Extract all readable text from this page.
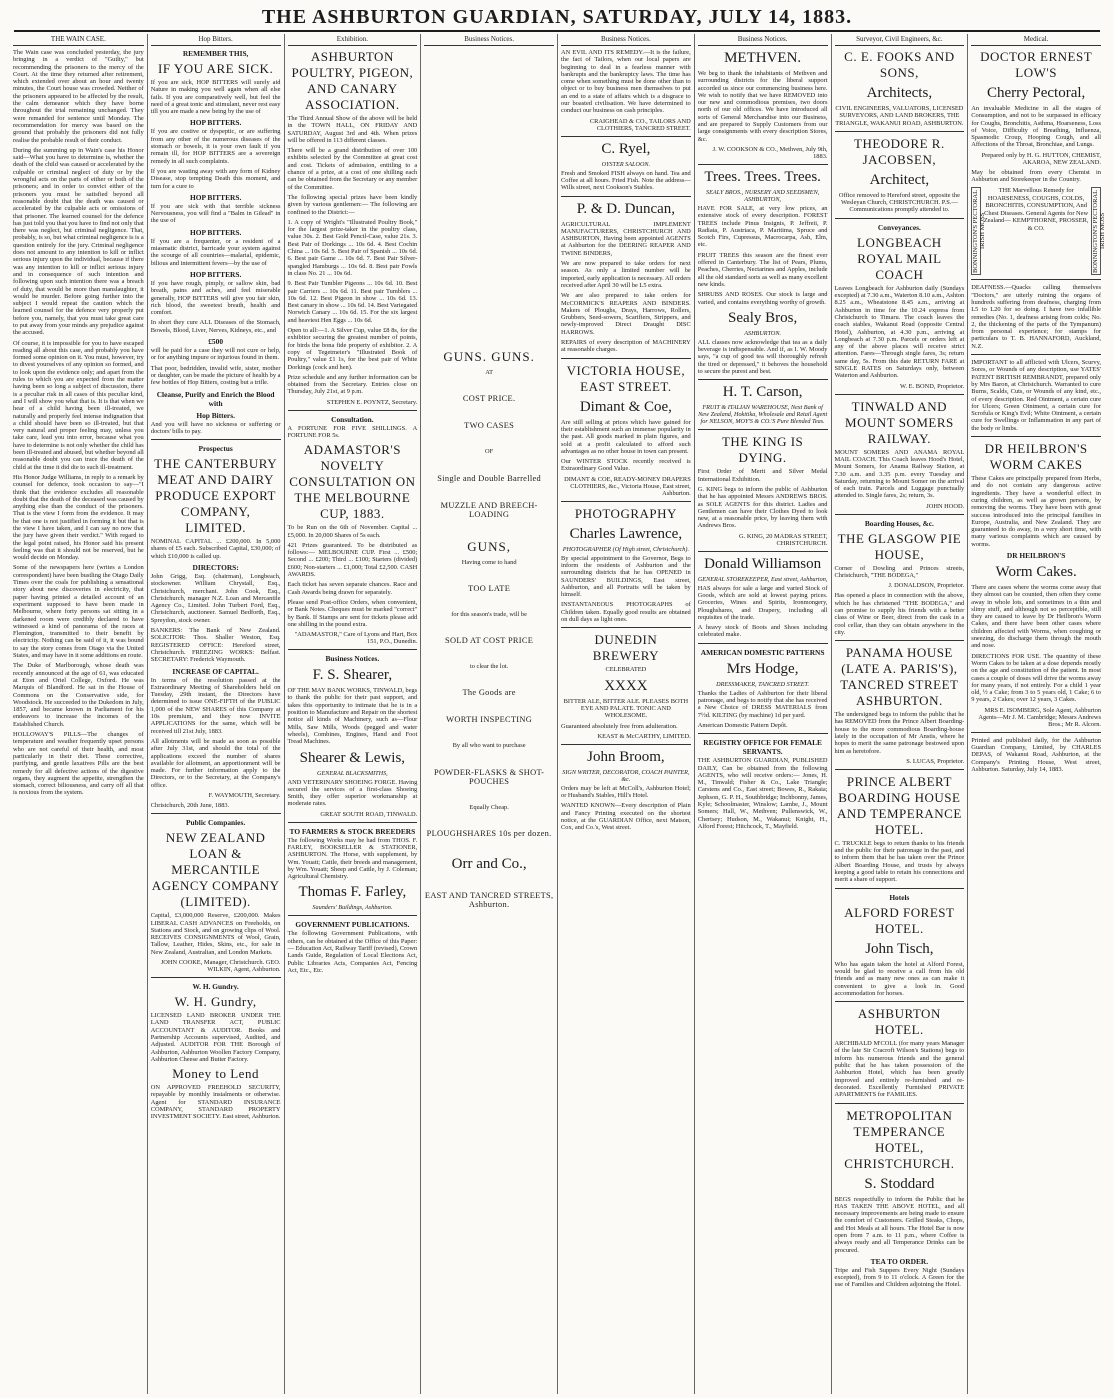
THE ASHBURTON GUARDIAN, SATURDAY, JULY 14, 1883.
THE WAIN CASE.
The Wain case was concluded yesterday, the jury bringing in a verdict of "Guilty," but recommending the prisoners to the mercy of the Court. At the time they returned after retirement, which extended over about an hour and twenty minutes, the Court house was crowded. Neither of the prisoners appeared to be affected by the result, the calm demeanor which they have borne throughout the trial remaining unchanged. They were remanded for sentence until Monday. The recommendation for mercy was based on the ground that probably the prisoners did not fully realise the probable result of their conduct.
During the summing up in Wain's case his Honor said—What you have to determine is, whether the death of the child was caused or accelerated by the culpable or criminal neglect of duty or by the wrongful acts on the parts of either or both of the prisoners; and in order to convict either of the prisoners you must be satisfied beyond all reasonable doubt that the death was caused or accelerated by the culpable acts or omissions of that prisoner. The learned counsel for the defence has just told you that you have to find not only that there was neglect, but criminal negligence. That, probably, is so, but what criminal negligence is is a question entirely for the jury. Criminal negligence does not amount to any intention to kill or inflict serious injury upon the individual, because if there was any intention to kill or inflict serious injury and in consequence of such intention and following upon such intention there was a breach of duty, that would be more than manslaughter, it would be murder. Before going further into the subject I would repeat the caution which the learned counsel for the defence very properly put before you, namely, that you must take great care to put away from your minds any prejudice against the accused.
Of course, it is impossible for you to have escaped reading all about this case, and probably you have formed some opinion on it. You must, however, try to divest yourselves of any opinion so formed, and to look upon the evidence only; and apart from the rules to which you are expected from the matter having been so long a subject of discussion, there is a peculiar risk in all cases of this peculiar kind, and I will show you what that is. It is that when we hear of a child having been ill-treated, we naturally and properly feel intense indignation that a child should have been so ill-treated, but that very natural and proper feeling may, unless you take care, lead you into error, because what you have to determine is not only whether the child has been ill-treated and abused, but whether beyond all reasonable doubt you can trace the death of the child at the time it did die to such ill-treatment.
His Honor Judge Williams, in reply to a remark by counsel for defence, took occasion to say—"I think that the evidence excludes all reasonable doubt that the death of the deceased was caused by anything else than the conduct of the prisoners. That is the view I form from the evidence. It may be that one is not justified in forming it but that is the view I have taken, and I can say no now that the jury have given their verdict." With regard to the legal point raised, his Honor said his present feeling was that it should not be reserved, but he would decide on Monday.
Some of the newspapers here (writes a London correspondent) have been bustling the Otago Daily Times over the coals for publishing a sensational story about new discoveries in electricity, that paper having printed a detailed account of an experiment supposed to have been made in Melbourne, where forty persons sat sitting in a darkened room were credibly declared to have witnessed a kind of panorama of the races at Flemington, transmitted to their benefit by electricity. Nothing can be said of it, it was bound to say the story comes from Otago via the United States, and may have in it some additions en route.
The Duke of Marlborough, whose death was recently announced at the age of 61, was educated at Eton and Oriel College, Oxford. He was Marquis of Blandford. He sat in the House of Commons on the Conservative side, for Woodstock. He succeeded to the Dukedom in July, 1857, and became known in Parliament for his endeavors to increase the incomes of the Established Church.
HOLLOWAY'S PILLS—The changes of temperature and weather frequently upset persons who are not careful of their health, and most particularly in their diet. These corrective, purifying, and gentle laxatives Pills are the best remedy for all defective actions of the digestive organs, they augment the appetite, strengthen the stomach, correct biliousness, and carry off all that is noxious from the system.
Hop Bitters.
REMEMBER THIS,
IF YOU ARE SICK.
If you are sick, HOP BITTERS will surely aid Nature in making you well again when all else fails. If you are comparatively well, but feel the need of a great tonic and stimulant, never rest easy till you are made a new being by the use of
HOP BITTERS.
If you are costive or dyspeptic, or are suffering from any other of the numerous diseases of the stomach or bowels, it is your own fault if you remain ill, for HOP BITTERS are a sovereign remedy in all such complaints.
If you are wasting away with any form of Kidney Disease, stop tempting Death this moment, and turn for a cure to
HOP BITTERS.
If you are sick with that terrible sickness Nervousness, you will find a "Balm in Gilead" in the use of
HOP BITTERS.
If you are a frequenter, or a resident of a miasmatic district, barricade your system against the scourge of all countries—malarial, epidemic, bilious and intermittent fevers—by the use of
HOP BITTERS.
If you have rough, pimply, or sallow skin, bad breath, pains and aches, and feel miserable generally, HOP BITTERS will give you fair skin, rich blood, the sweetest breath, health and comfort.
In short they cure ALL Diseases of the Stomach, Bowels, Blood, Liver, Nerves, Kidneys, etc., and
£500
will be paid for a case they will not cure or help, or for anything impure or injurious found in them.
That poor, bedridden, invalid wife, sister, mother or daughter, can be made the picture of health by a few bottles of Hop Bitters, costing but a trifle.
Cleanse, Purify and Enrich the Blood with
Hop Bitters.
And you will have no sickness or suffering or doctors' bills to pay.
Prospectus
THE CANTERBURY MEAT AND DAIRY PRODUCE EXPORT COMPANY, LIMITED.
NOMINAL CAPITAL ... £200,000. In 5,000 shares of £5 each. Subscribed Capital, £30,000; of which £10,000 is called up.
DIRECTORS:
John Grigg, Esq. (chairman), Longbeach, stockowner. William Chrystall, Esq., Christchurch, merchant. John Cook, Esq., Christchurch, manager N.Z. Loan and Mercantile Agency Co., Limited. John Turbert Ford, Esq., Christchurch, auctioneer. Samuel Bedforth, Esq., Spreydon, stock owner.
BANKERS: The Bank of New Zealand. SOLICITOR: Thos. Shaller Weston, Esq. REGISTERED OFFICE: Hereford street, Christchurch. FREEZING WORKS: Belfast. SECRETARY: Frederick Waymouth.
INCREASE OF CAPITAL.
In terms of the resolution passed at the Extraordinary Meeting of Shareholders held on Tuesday, 29th instant, the Directors have determined to issue ONE-FIFTH of the PUBLIC 1,000 of the NEW SHARES of this Company at 10s premium, and they now INVITE APPLICATIONS for the same, which will be received till 21st July, 1883.
All allotments will be made as soon as possible after July 31st, and should the total of the applications exceed the number of shares available for allotment, an apportionment will be made. For further information apply to the Directors, or to the Secretary, at the Company's office.
F. WAYMOUTH, Secretary.
Christchurch, 20th June, 1883.
Public Companies.
NEW ZEALAND LOAN & MERCANTILE AGENCY COMPANY (LIMITED).
Capital, £3,000,000 Reserve, £200,000. Makes LIBERAL CASH ADVANCES on Freeholds, on Stations and Stock, and on growing clips of Wool. RECEIVES CONSIGNMENTS of Wool, Grain, Tallow, Leather, Hides, Skins, etc., for sale in New Zealand, Australian, and London Markets.
JOHN COOKE, Manager, Christchurch. GEO. WILKIN, Agent, Ashburton.
W. H. Gundry.
W. H. Gundry,
LICENSED LAND BROKER UNDER THE LAND TRANSFER ACT, PUBLIC ACCOUNTANT & AUDITOR. Books and Partnership Accounts supervised, Audited, and Adjusted. AUDITOR FOR THE Borough of Ashburton, Ashburton Woollen Factory Company, Ashburton Cheese and Butter Factory.
Money to Lend
ON APPROVED FREEHOLD SECURITY, repayable by monthly instalments or otherwise. Agent for STANDARD INSURANCE COMPANY, STANDARD PROPERTY INVESTMENT SOCIETY. East street, Ashburton.
Exhibition.
ASHBURTON POULTRY, PIGEON, AND CANARY ASSOCIATION.
The Third Annual Show of the above will be held in the TOWN HALL, ON FRIDAY AND SATURDAY, August 3rd and 4th. When prizes will be offered in 113 different classes.
There will be a grand distribution of over 100 exhibits selected by the Committee at great cost and cost. Tickets of admission, entitling to a chance of a prize, at a cost of one shilling each can be obtained from the Secretary or any member of the Committee.
The following special prizes have been kindly given by various gentlemen:— The following are confined to the District:—
1. A copy of Wright's "Illustrated Poultry Book," for the largest prize-taker in the poultry class, value 30s. 2. Best Gold Pencil-Case, value 21s. 3. Best Pair of Dorkings ... 10s 6d. 4. Best Cochin China ... 10s 6d. 5. Best Pair of Spanish ... 10s 6d. 6. Best pair Game ... 10s 6d. 7. Best Pair Silver-spangled Hamburgs ... 10s 6d. 8. Best pair Fowls in class No. 21 ... 10s 6d.
9. Best Pair Tumbler Pigeons ... 10s 6d. 10. Best pair Carriers ... 10s 6d. 11. Best pair Tumblers ... 10s 6d. 12. Best Pigeon in show ... 10s 6d. 13. Best canary in show ... 10s 6d. 14. Best Variegated Norwich Canary ... 10s 6d. 15. For the six largest and heaviest Hen Eggs ... 10s 6d.
Open to all:—1. A Silver Cup, value £8 8s, for the exhibitor securing the greatest number of points, for birds the bona fide property of exhibitor. 2. A copy of Tegetmeier's "Illustrated Book of Poultry," value £1 1s, for the best pair of White Dorkings (cock and hen).
Prize schedule and any further information can be obtained from the Secretary. Entries close on Thursday, July 21st, at 9 p.m.
STEPHEN E. POYNTZ, Secretary.
Consultation.
A FORTUNE FOR FIVE SHILLINGS. A FORTUNE FOR 5s.
ADAMASTOR'S NOVELTY CONSULTATION ON THE MELBOURNE CUP, 1883.
To be Run on the 6th of November. Capital ... £5,000. In 20,000 Shares of 5s each.
421 Prizes guaranteed. To be distributed as follows:— MELBOURNE CUP. First ... £500; Second ... £200; Third ... £100; Starters (divided) £600; Non-starters ... £1,000; Total £2,500. CASH AWARDS.
Each ticket has seven separate chances. Race and Cash Awards being drawn for separately.
Please send Post-office Orders, when convenient, or Bank Notes. Cheques must be marked "correct" by Bank. If Stamps are sent for tickets please add one shilling in the pound extra.
"ADAMASTOR," Care of Lyons and Hart, Box 151, P.O., Dunedin.
Business Notices.
F. S. Shearer,
OF THE MAY BANK WORKS, TINWALD, begs to thank the public for their past support, and takes this opportunity to intimate that he is in a position to Manufacture and Repair on the shortest notice all kinds of Machinery, such as—Flour Mills, Saw Mills, Woods (pegged and water wheels), Combines, Engines, Hand and Foot Tread Machines.
Shearer & Lewis,
GENERAL BLACKSMITHS,
AND VETERINARY SHOEING FORGE. Having secured the services of a first-class Shoeing Smith, they offer superior workmanship at moderate rates.
GREAT SOUTH ROAD, TINWALD.
TO FARMERS & STOCK BREEDERS
The following Works may be had from THOS. F. FARLEY, BOOKSELLER & STATIONER, ASHBURTON. The Horse, with supplement, by Wm. Youatt; Cattle, their breeds and management, by Wm. Youatt; Sheep and Cattle, by J. Coleman; Agricultural Chemistry.
Thomas F. Farley,
Saunders' Buildings, Ashburton.
GOVERNMENT PUBLICATIONS.
The following Government Publications, with others, can be obtained at the Office of this Paper:— Education Act, Railway Tariff (revised), Crown Lands Guide, Regulation of Local Elections Act, Public Libraries Acts, Companies Act, Fencing Act, Etc., Etc.
Business Notices.
GUNS. GUNS.
AT
COST PRICE.
TWO CASES
OF
Single and Double Barrelled
MUZZLE AND BREECH-LOADING
GUNS,
Having come to hand
TOO LATE
for this season's trade, will be
SOLD AT COST PRICE
to clear the lot.
The Goods are
WORTH INSPECTING
By all who want to purchase
POWDER-FLASKS & SHOT-POUCHES
Equally Cheap.
PLOUGHSHARES 10s per dozen.
Orr and Co.,
EAST AND TANCRED STREETS, Ashburton.
Business Notices.
AN EVIL AND ITS REMEDY.—It is the failure, the fact of Tailors, when our local papers are beginning to deal in a fearless manner with bankrupts and the bankruptcy laws. The time has come when something must be done other than to object or to buy business men themselves to put an end to a state of affairs which is a disgrace to our boasted civilisation. We have determined to conduct our business on cash principles.
CRAIGHEAD & CO., TAILORS AND CLOTHIERS, TANCRED STREET.
C. Ryel,
OYSTER SALOON.
Fresh and Smoked FISH always on hand. Tea and Coffee at all hours. Fried Fish. Note the address—Wills street, next Cookson's Stables.
P. & D. Duncan,
AGRICULTURAL IMPLEMENT MANUFACTURERS, CHRISTCHURCH AND ASHBURTON, Having been appointed AGENTS at Ashburton for the DEERING REAPER AND TWINE BINDERS,
We are now prepared to take orders for next season. As only a limited number will be imported, early application is necessary. All orders received after April 30 will be L5 extra.
We are also prepared to take orders for McCORMICK'S REAPERS AND BINDERS. Makers of Ploughs, Drays, Harrows, Rollers, Grubbers, Seed-sowers, Scarifiers, Strippers, and newly-improved Direct Draught DISC HARROWS.
REPAIRS of every description of MACHINERY at reasonable charges.
VICTORIA HOUSE, EAST STREET.
Dimant & Coe,
Are still selling at prices which have gained for their establishment such an immense popularity in the past. All goods marked in plain figures, and sold at a profit calculated to afford such advantages as no other house in town can present.
Our WINTER STOCK recently received is Extraordinary Good Value.
DIMANT & COE, READY-MONEY DRAPERS CLOTHIERS, &c., Victoria House, East street, Ashburton.
PHOTOGRAPHY
Charles Lawrence,
PHOTOGRAPHER (Of High street, Christchurch).
By special appointment to the Governor, Begs to inform the residents of Ashburton and the surrounding districts that he has OPENED in SAUNDERS' BUILDINGS, East street, Ashburton, and all Portraits will be taken by himself.
INSTANTANEOUS PHOTOGRAPHS of Children taken. Equally good results are obtained on dull days as light ones.
DUNEDIN BREWERY
CELEBRATED
XXXX
BITTER ALE, BITTER ALE. PLEASES BOTH EYE AND PALATE. TONIC AND WHOLESOME.
Guaranteed absolutely free from adulteration.
KEAST & McCARTHY, LIMITED.
John Broom,
SIGN WRITER, DECORATOR, COACH PAINTER, &c.
Orders may be left at McColl's, Ashburton Hotel; or Husband's Stables, Hill's Hotel.
WANTED KNOWN—Every description of Plain and Fancy Printing executed on the shortest notice, at the GUARDIAN Office, next Matson, Cox, and Co.'s, West street.
Business Notices.
METHVEN.
We beg to thank the inhabitants of Methven and surrounding districts for the liberal support accorded us since our commencing business here. We wish to notify that we have REMOVED into our new and commodious premises, two doors north of our old offices. We have introduced all sorts of General Merchandise into our Business, and are prepared to Supply Customers from our large consignments with every description Stores, &c.
J. W. COOKSON & CO., Methven, July 9th, 1883.
Trees. Trees. Trees.
SEALY BROS., NURSERY AND SEEDSMEN, ASHBURTON,
HAVE FOR SALE, at very low prices, an extensive stock of every description. FOREST TREES include Pinus Insignis, P. Jeffreii, P. Radiata, P. Austriaca, P. Maritima, Spruce and Scotch Firs, Cupressus, Macrocarpa, Ash, Elm, etc.
FRUIT TREES this season are the finest ever offered in Canterbury. The list of Pears, Plums, Peaches, Cherries, Nectarines and Apples, include all the old standard sorts as well as many excellent new kinds.
SHRUBS AND ROSES. Our stock is large and varied, and contains everything worthy of growth.
Sealy Bros,
ASHBURTON.
ALL classes now acknowledge that tea as a daily beverage is indispensable. And if, as I. W. Moody says, "a cup of good tea will thoroughly refresh the tired or depressed," it behoves the household to secure the purest and best.
H. T. Carson,
FRUIT & ITALIAN WAREHOUSE, Next Bank of New Zealand, Hokitika, Wholesale and Retail Agent for NELSON, MOY'S & CO.'S Pure Blended Teas.
THE KING IS DYING.
First Order of Merit and Silver Medal International Exhibition.
G. KING begs to inform the public of Ashburton that he has appointed Messrs ANDREWS BROS. as SOLE AGENTS for this district. Ladies and Gentlemen can have their Clothes Dyed to look new, at a reasonable price, by leaving them with Andrews Bros.
G. KING, 20 MADRAS STREET, CHRISTCHURCH.
Donald Williamson
GENERAL STOREKEEPER, East street, Ashburton,
HAS always for sale a large and varied Stock of Goods, which are sold at lowest paying prices. Groceries, Wines and Spirits, Ironmongery, Ploughshares, and Drapery, including all requisites of the trade.
A heavy stock of Boots and Shoes including celebrated make.
AMERICAN DOMESTIC PATTERNS
Mrs Hodge,
DRESSMAKER, TANCRED STREET.
Thanks the Ladies of Ashburton for their liberal patronage, and begs to notify that she has received a New Choice of DRESS MATERIALS from 7½d. KILTING (by machine) 1d per yard.
American Domestic Pattern Depôt.
REGISTRY OFFICE FOR FEMALE SERVANTS.
THE ASHBURTON GUARDIAN, PUBLISHED DAILY, Can be obtained from the following AGENTS, who will receive orders:— Jones, H. M., Tinwald; Fisher & Co., Lake Triangle; Carstens and Co., East street; Bowes, R., Rakaia; Jephson, G. P. H., Southbridge; Inchbonny, James, Kyle; Schoolmaster, Winslow; Lambe, J., Mount Somers; Hall, W., Methven; Pullenswick, W., Chertsey; Hudson, M., Wakanui; Knight, H., Alford Forest; Hitchcock, T., Mayfield.
Surveyor, Civil Engineers, &c.
C. E. FOOKS AND SONS,
Architects,
CIVIL ENGINEERS, VALUATORS, LICENSED SURVEYORS, AND LAND BROKERS, THE TRIANGLE, WAKANUI ROAD, ASHBURTON.
THEODORE R. JACOBSEN,
Architect,
Office removed to Hereford street, opposite the Wesleyan Church, CHRISTCHURCH. P.S.—Communications promptly attended to.
Conveyances.
LONGBEACH ROYAL MAIL COACH
Leaves Longbeach for Ashburton daily (Sundays excepted) at 7.30 a.m., Waterton 8.10 a.m., Ashton 8.25 a.m., Wheatstone 8.45 a.m., arriving at Ashburton in time for the 10.24 express from Christchurch to Timaru. The coach leaves the coach stables, Wakanui Road (opposite Central Hotel), Ashburton, at 4.30 p.m., arriving at Longbeach at 7.30 p.m. Parcels or orders left at any of the above places will receive strict attention. Fares—Through single fares, 3s; return same day, 5s. From this date RETURN FARE at SINGLE RATES on Saturdays only, between Waterton and Ashburton.
W. E. BOND, Proprietor.
TINWALD AND MOUNT SOMERS RAILWAY.
MOUNT SOMERS AND ANAMA ROYAL MAIL COACH. This Coach leaves Hood's Hotel, Mount Somers, for Anama Railway Station, at 7.30 a.m. and 3.35 p.m. every Tuesday and Saturday, returning to Mount Somer on the arrival of each train. Parcels and Luggage punctually attended to. Single fares, 2s; return, 3s.
JOHN HOOD.
Boarding Houses, &c.
THE GLASGOW PIE HOUSE,
Corner of Dowling and Princes streets, Christchurch, "THE BODEGA,"
J. DONALDSON, Proprietor.
Has opened a place in connection with the above, which he has christened "THE BODEGA," and can promise to supply his friends with a better class of Wine or Beer, direct from the cask in a cool cellar, than they can obtain anywhere in the city.
PANAMA HOUSE (LATE A. PARIS'S), TANCRED STREET ASHBURTON.
The undersigned begs to inform the public that he has REMOVED from the Prince Albert Boarding-house to the more commodious Boarding-house lately in the occupation of Mr Anstis, where he hopes to merit the same patronage bestowed upon him as heretofore.
S. LUCAS, Proprietor.
PRINCE ALBERT BOARDING HOUSE AND TEMPERANCE HOTEL.
C. TRUCKLE begs to return thanks to his friends and the public for their patronage in the past, and to inform them that he has taken over the Prince Albert Boarding House, and trusts by always keeping a good table to retain his connections and merit a share of support.
Hotels
ALFORD FOREST HOTEL.
John Tisch,
Who has again taken the hotel at Alford Forest, would be glad to receive a call from his old friends and as many new ones as can make it convenient to give a look in. Good accommodation for horses.
ASHBURTON HOTEL.
ARCHIBALD M'COLL (for many years Manager of the late Sir Cracroft Wilson's Stations) begs to inform his numerous friends and the general public that he has taken possession of the Ashburton Hotel, which has been greatly improved and entirely re-furnished and re-decorated. Excellently Furnished PRIVATE APARTMENTS for FAMILIES.
METROPOLITAN TEMPERANCE HOTEL, CHRISTCHURCH.
S. Stoddard
BEGS respectfully to inform the Public that he HAS TAKEN THE ABOVE HOTEL, and all necessary improvements are being made to ensure the comfort of Customers. Grilled Steaks, Chops, and Hot Meals at all hours. The Hotel Bar is now open from 7 a.m. to 11 p.m., where Coffee is always ready and all Temperance Drinks can be procured.
TEA TO ORDER.
Tripe and Fish Suppers Every Night (Sundays excepted), from 9 to 11 o'clock. A Green for the use of Families and Children adjoining the Hotel.
Medical.
DOCTOR ERNEST LOW'S
Cherry Pectoral,
An invaluable Medicine in all the stages of Consumption, and not to be surpassed in efficacy for Coughs, Bronchitis, Asthma, Hoarseness, Loss of Voice, Difficulty of Breathing, Influenza, Spasmodic Croup, Hooping Cough, and all Affections of the Throat, Bronchiae, and Lungs.
Prepared only by H. G. HUTTON, CHEMIST, AKAROA, NEW ZEALAND.
May be obtained from every Chemist in Ashburton and Storekeeper in the Country.
BONNINGTON'S PECTORAL IRISH MOSS
THE Marvellous Remedy for HOARSENESS, COUGHS, COLDS, BRONCHITIS, CONSUMPTION, And Chest Diseases. General Agents for New Zealand— KEMPTHORNE, PROSSER, & CO.	BONNINGTON'S PECTORAL IRISH MOSS
DEAFNESS.—Quacks calling themselves "Doctors," are utterly ruining the organs of hundreds suffering from deafness, charging from L5 to L20 for so doing. I have two infallible remedies (No. 1, deafness arising from colds; No. 2, the thickening of the parts of the Tympanum) from personal experience; for stamps for particulars to T. B. HANNAFORD, Auckland, N.Z.
IMPORTANT to all afflicted with Ulcers, Scurvy, Sores, or Wounds of any description, use YATES' PATENT BRITISH REMBRANDT, prepared only by Mrs Baron, at Christchurch. Warranted to cure Burns, Scalds, Cuts, or Wounds of any kind, etc., of every description. Red Ointment, a certain cure for Ulcers; Green Ointment, a certain cure for Scrofula or King's Evil; White Ointment, a certain cure for Swellings or Inflammation in any part of the body or limbs.
DR HEILBRON'S WORM CAKES
These Cakes are principally prepared from Herbs, and do not contain any dangerous active ingredients. They have a wonderful effect in curing children, as well as grown persons, by removing the worms. They have been with great success introduced into the principal families in Europe, Australia, and New Zealand. They are guaranteed to do away, in a very short time, with many various complaints which are caused by worms.
DR HEILBRON'S
Worm Cakes.
There are cases where the worms come away that they almost can be counted, then often they come away in whole lots, and sometimes in a thin and slimy stuff, and although not so perceptible, still they are caused to leave by Dr Heilbron's Worm Cakes, and there have been other cases where children affected with Worms, when coughing or sneezing, do discharge them through the mouth and nose.
DIRECTIONS FOR USE. The quantity of these Worm Cakes to be taken at a dose depends mostly on the age and constitution of the patient. In most cases a couple of doses will drive the worms away for many years, if not entirely. For a child 1 year old, ½ a Cake; from 3 to 5 years old, 1 Cake; 6 to 9 years, 2 Cakes; over 12 years, 3 Cakes.
MRS E. ISOMBERG, Sole Agent, Ashburton Agents—Mr J. M. Cambridge; Messrs Andrews Bros.; Mr R. Alcorn.
Printed and published daily, for the Ashburton Guardian Company, Limited, by CHARLES DEPAS, of Wakanui Road, Ashburton, at the Company's Printing House, West street, Ashburton. Saturday, July 14, 1883.
